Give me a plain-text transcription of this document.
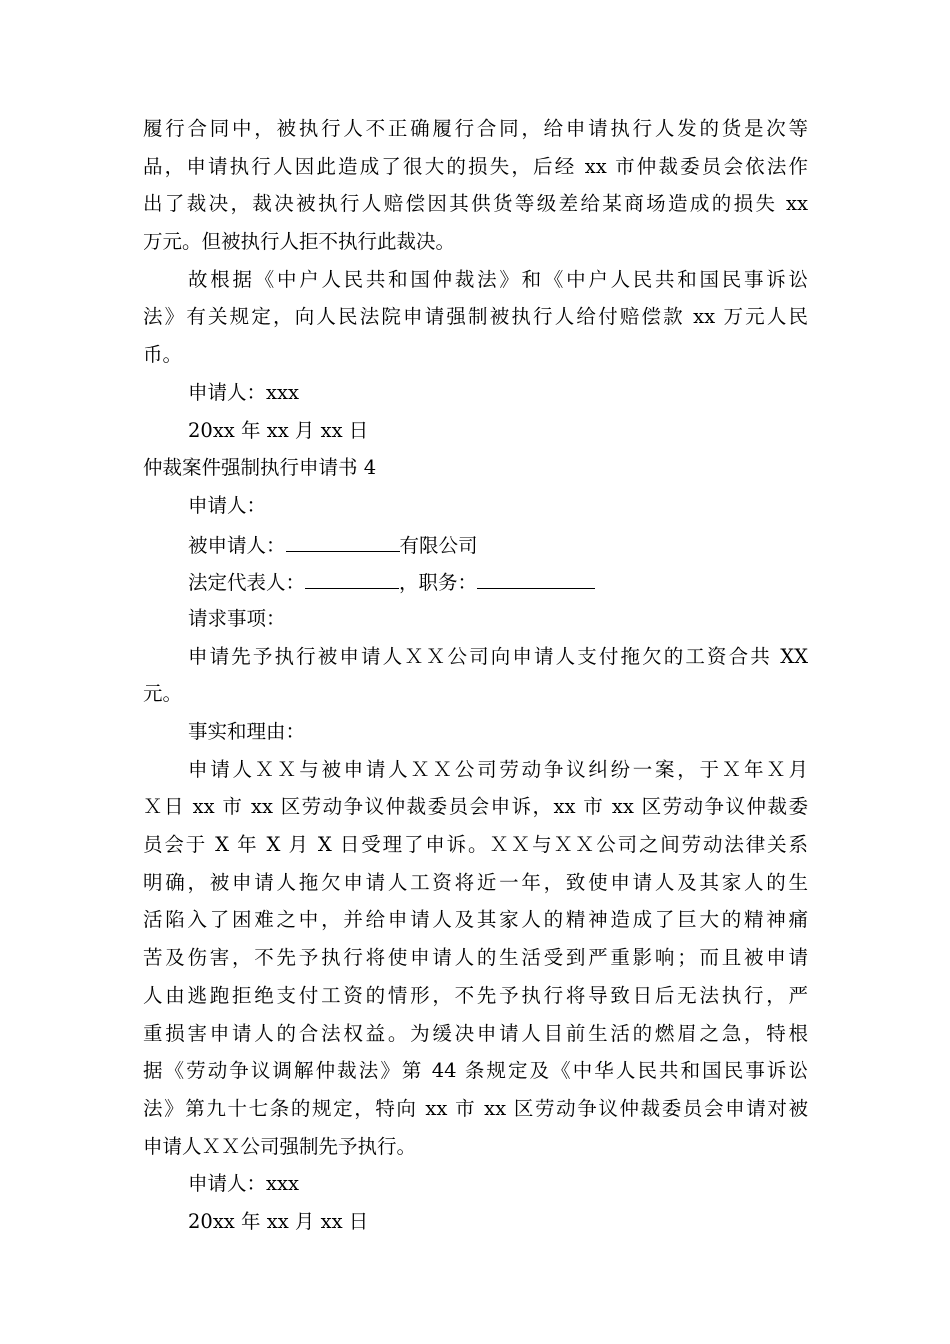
履行合同中，被执行人不正确履行合同，给申请执行人发的货是次等
品，申请执行人因此造成了很大的损失，后经 xx 市仲裁委员会依法作
出了裁决，裁决被执行人赔偿因其供货等级差给某商场造成的损失 xx
万元。但被执行人拒不执行此裁决。
故根据《中户人民共和国仲裁法》和《中户人民共和国民事诉讼
法》有关规定，向人民法院申请强制被执行人给付赔偿款 xx 万元人民
币。
申请人：xxx
20xx 年 xx 月 xx 日
仲裁案件强制执行申请书 4
申请人：
被申请人：	有限公司
法定代表人：	，职务：
请求事项：
申请先予执行被申请人ＸＸ公司向申请人支付拖欠的工资合共 XX
元。
事实和理由：
申请人ＸＸ与被申请人ＸＸ公司劳动争议纠纷一案，于Ｘ年Ｘ月
Ｘ日 xx 市 xx 区劳动争议仲裁委员会申诉，xx 市 xx 区劳动争议仲裁委
员会于 X 年 X 月 X 日受理了申诉。ＸＸ与ＸＸ公司之间劳动法律关系
明确，被申请人拖欠申请人工资将近一年，致使申请人及其家人的生
活陷入了困难之中，并给申请人及其家人的精神造成了巨大的精神痛
苦及伤害，不先予执行将使申请人的生活受到严重影响；而且被申请
人由逃跑拒绝支付工资的情形，不先予执行将导致日后无法执行，严
重损害申请人的合法权益。为缓决申请人目前生活的燃眉之急，特根
据《劳动争议调解仲裁法》第 44 条规定及《中华人民共和国民事诉讼
法》第九十七条的规定，特向 xx 市 xx 区劳动争议仲裁委员会申请对被
申请人ＸＸ公司强制先予执行。
申请人：xxx
20xx 年 xx 月 xx 日
